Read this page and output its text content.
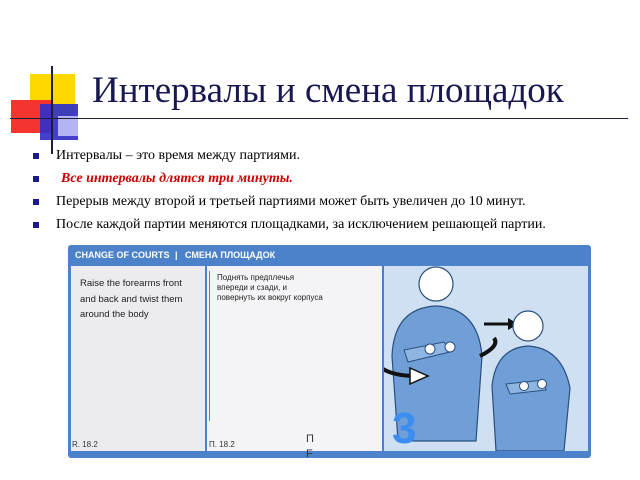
Интервалы и смена площадок
Интервалы – это время между партиями.
Все интервалы длятся три минуты.
Перерыв между второй и третьей партиями может быть увеличен до 10 минут.
После каждой партии меняются площадками, за исключением решающей партии.
CHANGE OF COURTS | СМЕНА ПЛОЩАДОК
Raise the forearms front and back and twist them around the body
Поднять предплечья впереди и сзади, и повернуть их вокруг корпуса
П
F
3
R. 18.2	П. 18.2
